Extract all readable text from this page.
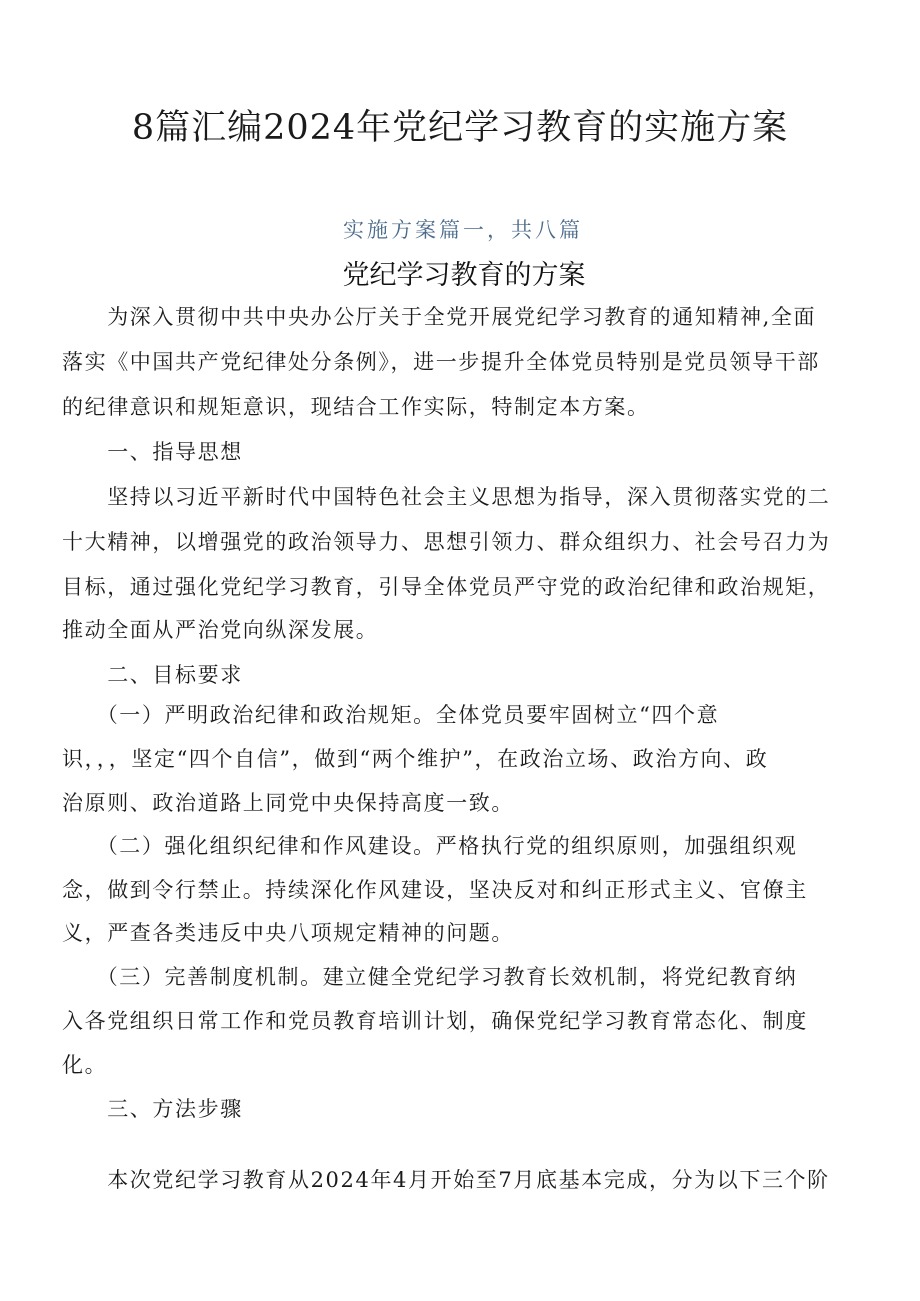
8篇汇编2024年党纪学习教育的实施方案
实施方案篇一，共八篇
党纪学习教育的方案
　　为深入贯彻中共中央办公厅关于全党开展党纪学习教育的通知精神,全面
落实《中国共产党纪律处分条例》，进一步提升全体党员特别是党员领导干部
的纪律意识和规矩意识，现结合工作实际，特制定本方案。
　　一、指导思想
　　坚持以习近平新时代中国特色社会主义思想为指导，深入贯彻落实党的二
十大精神，以增强党的政治领导力、思想引领力、群众组织力、社会号召力为
目标，通过强化党纪学习教育，引导全体党员严守党的政治纪律和政治规矩，
推动全面从严治党向纵深发展。
　　二、目标要求
　　（一）严明政治纪律和政治规矩。全体党员要牢固树立“四个意
识，，，坚定“四个自信”，做到“两个维护”，在政治立场、政治方向、政
治原则、政治道路上同党中央保持高度一致。
　　（二）强化组织纪律和作风建设。严格执行党的组织原则，加强组织观
念，做到令行禁止。持续深化作风建设，坚决反对和纠正形式主义、官僚主
义，严查各类违反中央八项规定精神的问题。
　　（三）完善制度机制。建立健全党纪学习教育长效机制，将党纪教育纳
入各党组织日常工作和党员教育培训计划，确保党纪学习教育常态化、制度
化。
　　三、方法步骤
　　本次党纪学习教育从2024年4月开始至7月底基本完成，分为以下三个阶
